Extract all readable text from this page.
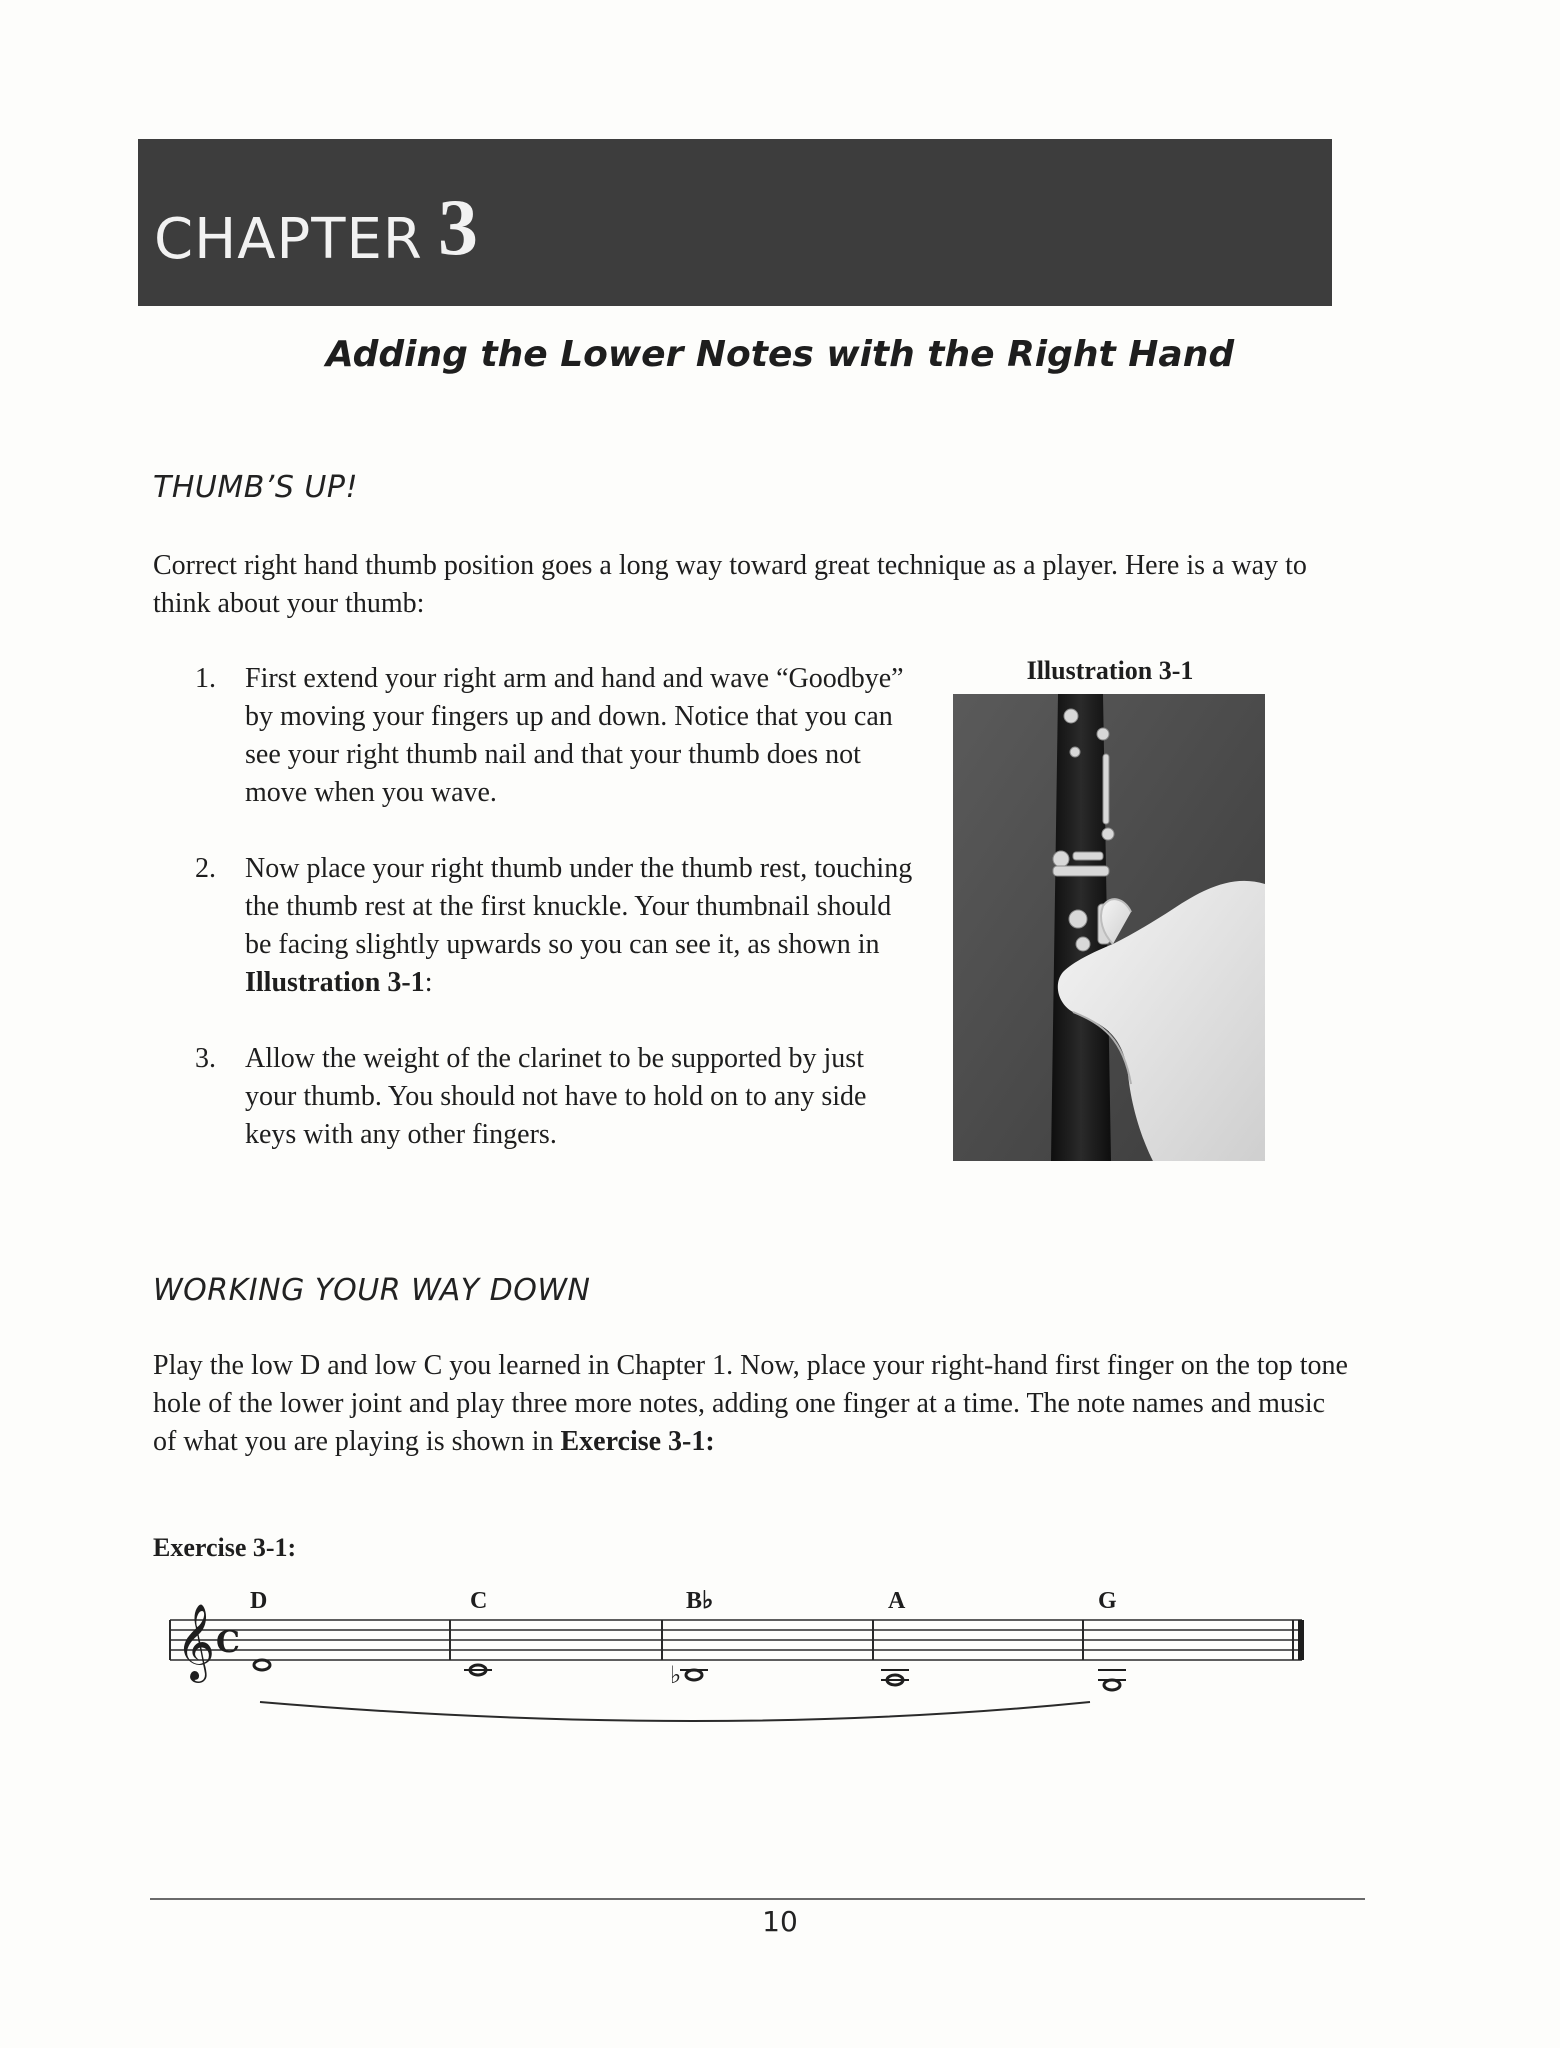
CHAPTER 3
Adding the Lower Notes with the Right Hand
THUMB’S UP!
Correct right hand thumb position goes a long way toward great technique as a player. Here is a way to think about your thumb:
1. First extend your right arm and hand and wave “Goodbye” by moving your fingers up and down. Notice that you can see your right thumb nail and that your thumb does not move when you wave.
2. Now place your right thumb under the thumb rest, touching the thumb rest at the first knuckle. Your thumbnail should be facing slightly upwards so you can see it, as shown in Illustration 3-1:
3. Allow the weight of the clarinet to be supported by just your thumb. You should not have to hold on to any side keys with any other fingers.
Illustration 3-1
WORKING YOUR WAY DOWN
Play the low D and low C you learned in Chapter 1. Now, place your right-hand first finger on the top tone hole of the lower joint and play three more notes, adding one finger at a time. The note names and music of what you are playing is shown in Exercise 3-1:
Exercise 3-1:
𝄞 C
D	C	B♭	A	G
♭
10
